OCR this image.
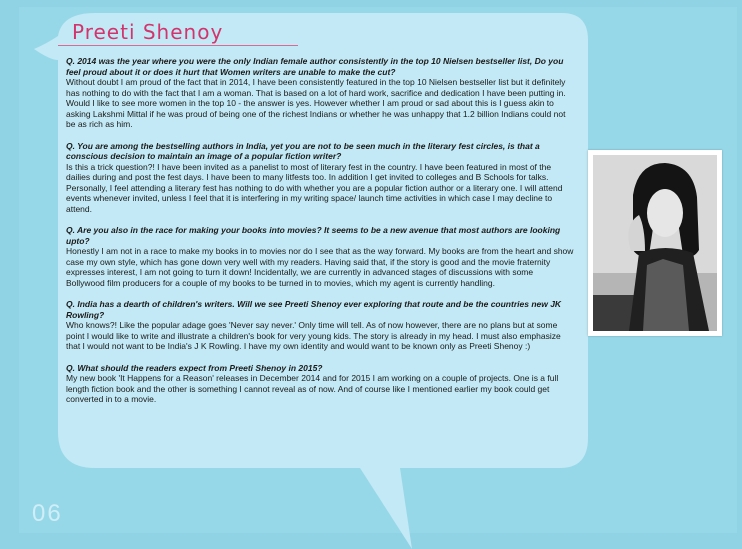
Preeti Shenoy
Q. 2014 was the year where you were the only Indian female author consistently in the top 10 Nielsen bestseller list, Do you feel proud about it or does it hurt that Women writers are unable to make the cut?

Without doubt I am proud of the fact that in 2014, I have been consistently featured in the top 10 Nielsen bestseller list but it definitely has nothing to do with the fact that I am a woman. That is based on a lot of hard work, sacrifice and dedication I have been putting in. Would I like to see more women in the top 10 - the answer is yes. However whether I am proud or sad about this is I guess akin to asking Lakshmi Mittal if he was proud of being one of the richest Indians or whether he was unhappy that 1.2 billion Indians could not be as rich as him.

Q. You are among the bestselling authors in India, yet you are not to be seen much in the literary fest circles, is that a conscious decision to maintain an image of a popular fiction writer?

Is this a trick question?! I have been invited as a panelist to most of literary fest in the country. I have been featured in most of the dailies during and post the fest days. I have been to many litfests too. In addition I get invited to colleges and B Schools for talks. Personally, I feel attending a literary fest has nothing to do with whether you are a popular fiction author or a literary one. I will attend events whenever invited, unless I feel that it is interfering in my writing space/ launch time activities in which case I may decline to attend.

Q. Are you also in the race for making your books into movies? It seems to be a new avenue that most authors are looking upto?

Honestly I am not in a race to make my books in to movies nor do I see that as the way forward. My books are from the heart and show case my own style, which has gone down very well with my readers. Having said that, if the story is good and the movie fraternity expresses interest, I am not going to turn it down! Incidentally, we are currently in advanced stages of discussions with some Bollywood film producers for a couple of my books to be turned in to movies, which my agent is currently handling.

Q. India has a dearth of children's writers. Will we see Preeti Shenoy ever exploring that route and be the countries new JK Rowling?

Who knows?! Like the popular adage goes 'Never say never.' Only time will tell. As of now however, there are no plans but at some point I would like to write and illustrate a children's book for very young kids. The story is already in my head. I must also emphasize that I would not want to be India's J K Rowling. I have my own identity and would want to be known only as Preeti Shenoy :)

Q. What should the readers expect from Preeti Shenoy in 2015?

My new book 'It Happens for a Reason' releases in December 2014 and for 2015 I am working on a couple of projects. One is a full length fiction book and the other is something I cannot reveal as of now. And of course like I mentioned earlier my book could get converted in to a movie.

06
